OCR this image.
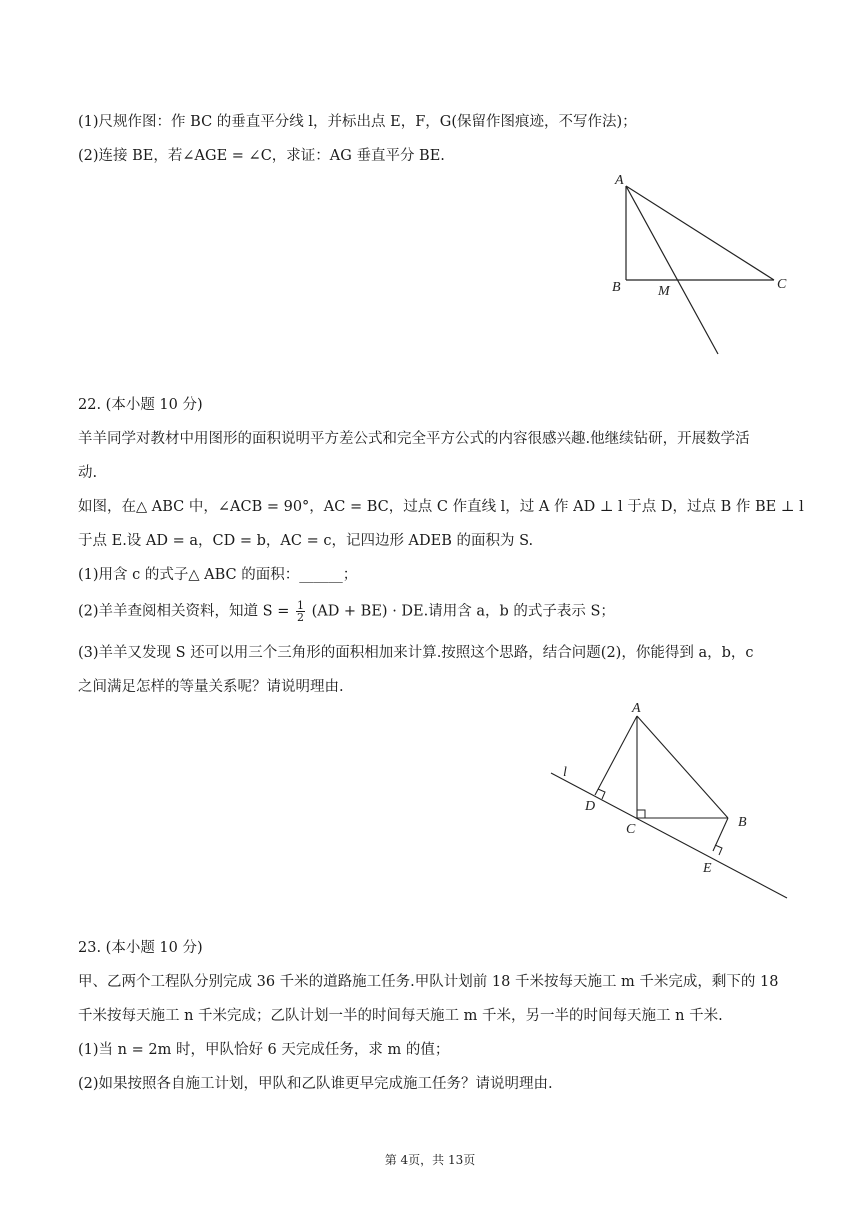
(1)尺规作图：作 BC 的垂直平分线 l，并标出点 E，F，G(保留作图痕迹，不写作法)；
(2)连接 BE，若∠AGE = ∠C，求证：AG 垂直平分 BE.
A
B	M	C
22. (本小题 10 分)
羊羊同学对教材中用图形的面积说明平方差公式和完全平方公式的内容很感兴趣.他继续钻研，开展数学活
动.
如图，在△ ABC 中，∠ACB = 90°，AC = BC，过点 C 作直线 l，过 A 作 AD ⊥ l 于点 D，过点 B 作 BE ⊥ l
于点 E.设 AD = a，CD = b，AC = c，记四边形 ADEB 的面积为 S.
(1)用含 c 的式子△ ABC 的面积：______；
(2)羊羊查阅相关资料，知道 $S = \frac{1}{2} (AD + BE)$ · DE.请用含 a，b 的式子表示 S；
(3)羊羊又发现 S 还可以用三个三角形的面积相加来计算.按照这个思路，结合问题(2)，你能得到 a，b，c
之间满足怎样的等量关系呢？请说明理由.
A
l
D
C	B
E
23. (本小题 10 分)
甲、乙两个工程队分别完成 36 千米的道路施工任务.甲队计划前 18 千米按每天施工 m 千米完成，剩下的 18
千米按每天施工 n 千米完成；乙队计划一半的时间每天施工 m 千米，另一半的时间每天施工 n 千米.
(1)当 n = 2m 时，甲队恰好 6 天完成任务，求 m 的值；
(2)如果按照各自施工计划，甲队和乙队谁更早完成施工任务？请说明理由.
第 4页，共 13页
